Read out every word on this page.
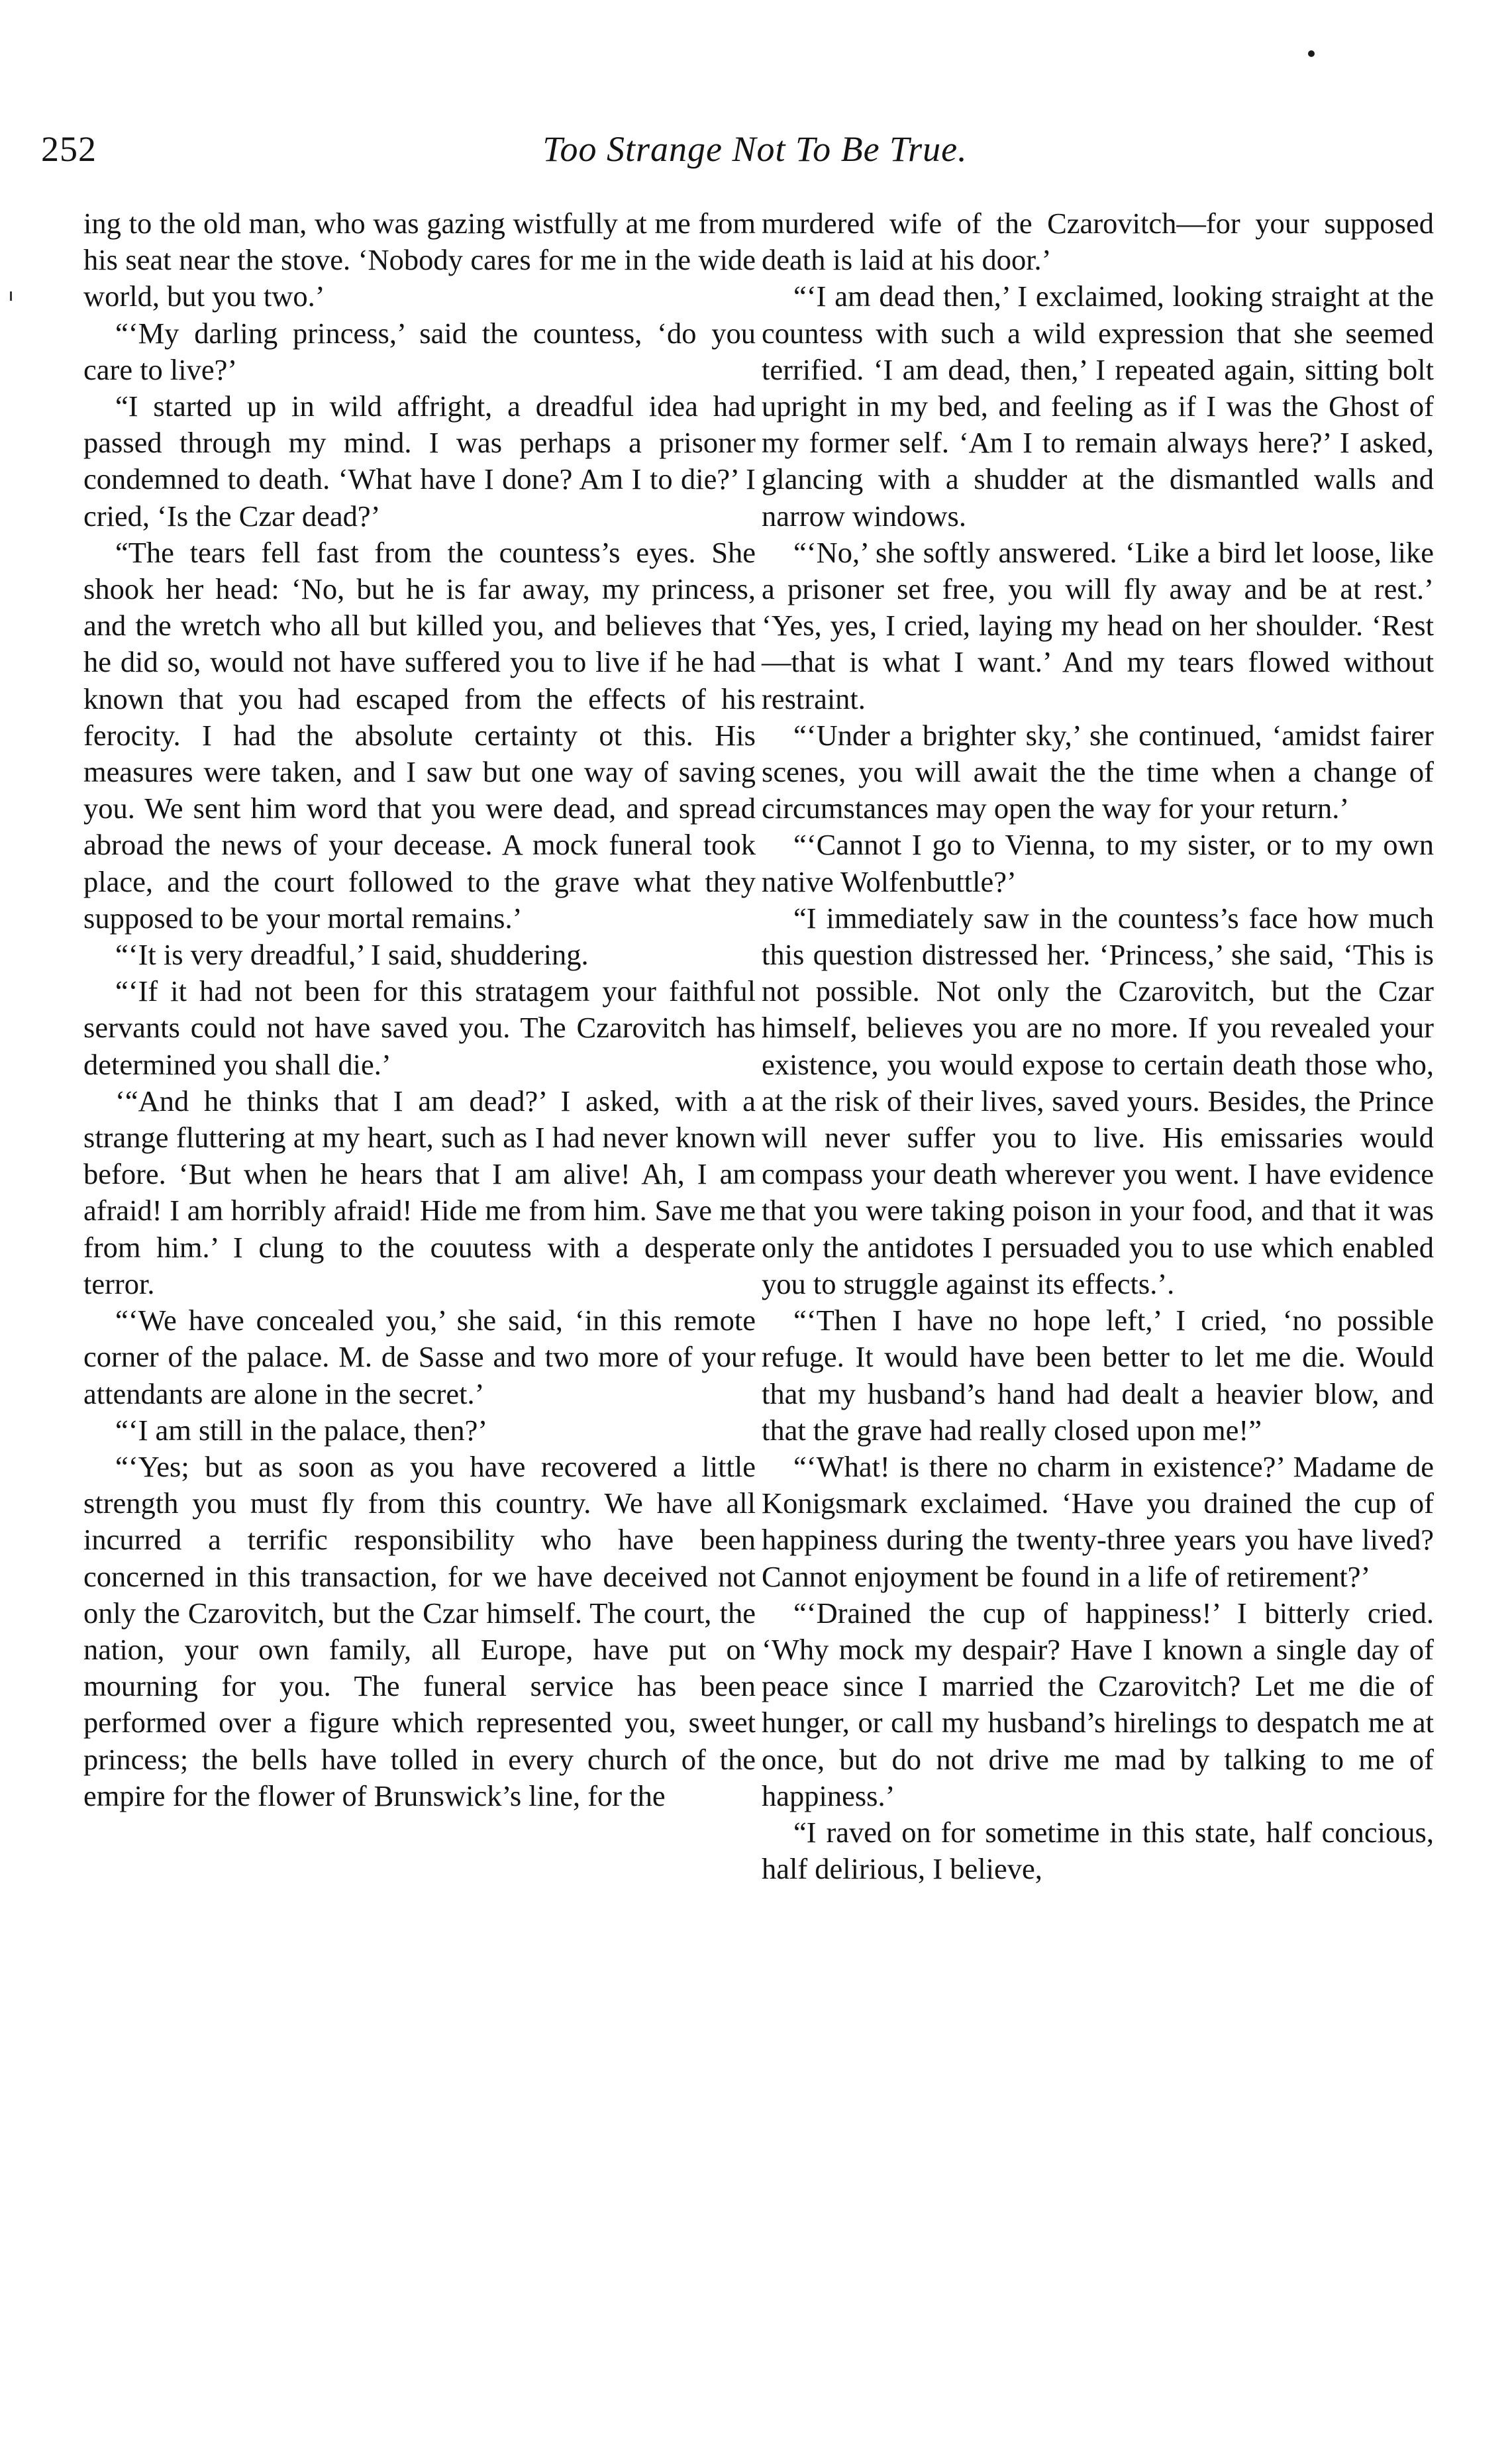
252	Too Strange Not To Be True.

ing to the old man, who was gazing wistfully at me from his seat near the stove. ‘Nobody cares for me in the wide world, but you two.’

“‘My darling princess,’ said the countess, ‘do you care to live?’

“I started up in wild affright, a dreadful idea had passed through my mind. I was perhaps a prisoner condemned to death. ‘What have I done? Am I to die?’ I cried, ‘Is the Czar dead?’

“The tears fell fast from the countess’s eyes. She shook her head: ‘No, but he is far away, my princess, and the wretch who all but killed you, and believes that he did so, would not have suffered you to live if he had known that you had escaped from the effects of his ferocity. I had the absolute certainty ot this. His measures were taken, and I saw but one way of saving you. We sent him word that you were dead, and spread abroad the news of your decease. A mock funeral took place, and the court followed to the grave what they supposed to be your mortal remains.’

“‘It is very dreadful,’ I said, shuddering.

“‘If it had not been for this stratagem your faithful servants could not have saved you. The Czarovitch has determined you shall die.’

‘“And he thinks that I am dead?’ I asked, with a strange fluttering at my heart, such as I had never known before. ‘But when he hears that I am alive! Ah, I am afraid! I am horribly afraid! Hide me from him. Save me from him.’ I clung to the couutess with a desperate terror.

“‘We have concealed you,’ she said, ‘in this remote corner of the palace. M. de Sasse and two more of your attendants are alone in the secret.’

“‘I am still in the palace, then?’

“‘Yes; but as soon as you have recovered a little strength you must fly from this country. We have all incurred a terrific responsibility who have been concerned in this transaction, for we have deceived not only the Czarovitch, but the Czar himself. The court, the nation, your own family, all Europe, have put on mourning for you. The funeral service has been performed over a figure which represented you, sweet princess; the bells have tolled in every church of the empire for the flower of Brunswick’s line, for the

murdered wife of the Czarovitch—for your supposed death is laid at his door.’

“‘I am dead then,’ I exclaimed, looking straight at the countess with such a wild expression that she seemed terrified. ‘I am dead, then,’ I repeated again, sitting bolt upright in my bed, and feeling as if I was the Ghost of my former self. ‘Am I to remain always here?’ I asked, glancing with a shudder at the dismantled walls and narrow windows.

“‘No,’ she softly answered. ‘Like a bird let loose, like a prisoner set free, you will fly away and be at rest.’ ‘Yes, yes, I cried, laying my head on her shoulder. ‘Rest—that is what I want.’ And my tears flowed without restraint.

“‘Under a brighter sky,’ she continued, ‘amidst fairer scenes, you will await the the time when a change of circumstances may open the way for your return.’

“‘Cannot I go to Vienna, to my sister, or to my own native Wolfenbuttle?’

“I immediately saw in the countess’s face how much this question distressed her. ‘Princess,’ she said, ‘This is not possible. Not only the Czarovitch, but the Czar himself, believes you are no more. If you revealed your existence, you would expose to certain death those who, at the risk of their lives, saved yours. Besides, the Prince will never suffer you to live. His emissaries would compass your death wherever you went. I have evidence that you were taking poison in your food, and that it was only the antidotes I persuaded you to use which enabled you to struggle against its effects.’.

“‘Then I have no hope left,’ I cried, ‘no possible refuge. It would have been better to let me die. Would that my husband’s hand had dealt a heavier blow, and that the grave had really closed upon me!”

“‘What! is there no charm in existence?’ Madame de Konigsmark exclaimed. ‘Have you drained the cup of happiness during the twenty-three years you have lived? Cannot enjoyment be found in a life of retirement?’

“‘Drained the cup of happiness!’ I bitterly cried. ‘Why mock my despair? Have I known a single day of peace since I married the Czarovitch? Let me die of hunger, or call my husband’s hirelings to despatch me at once, but do not drive me mad by talking to me of happiness.’

“I raved on for sometime in this state, half concious, half delirious, I believe,
